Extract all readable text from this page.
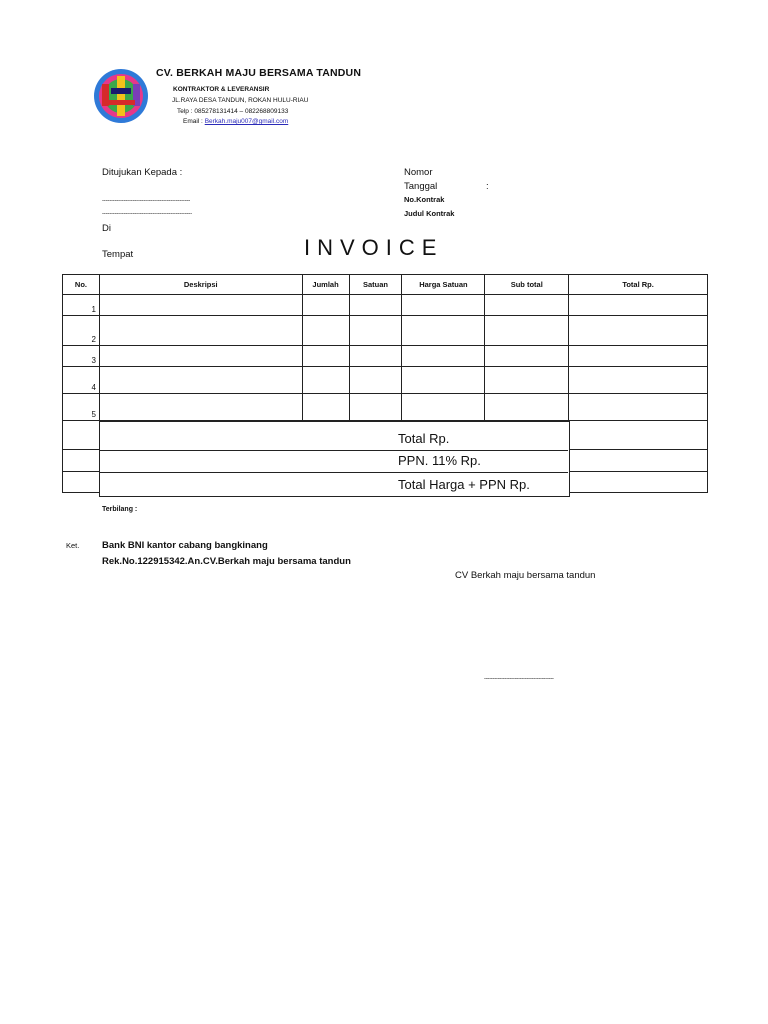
CV. BERKAH MAJU BERSAMA TANDUN
KONTRAKTOR & LEVERANSIR
JL.RAYA DESA TANDUN, ROKAN HULU-RIAU
Telp : 085278131414 – 082268809133
Email : Berkah.maju007@gmail.com
Ditujukan Kepada :
-------------------------------------------------
--------------------------------------------------
Di
Tempat
Nomor
Tanggal	:
No.Kontrak
Judul Kontrak
INVOICE
No.	Deskripsi	Jumlah	Satuan	Harga Satuan	Sub total	Total Rp.
1						
2						
3						
4						
5						

Total Rp.
PPN. 11% Rp.
Total Harga + PPN Rp.
Terbilang :
Ket. Bank BNI kantor cabang bangkinang
Rek.No.122915342.An.CV.Berkah maju bersama tandun
CV Berkah maju bersama tandun
-----------------------------------------
